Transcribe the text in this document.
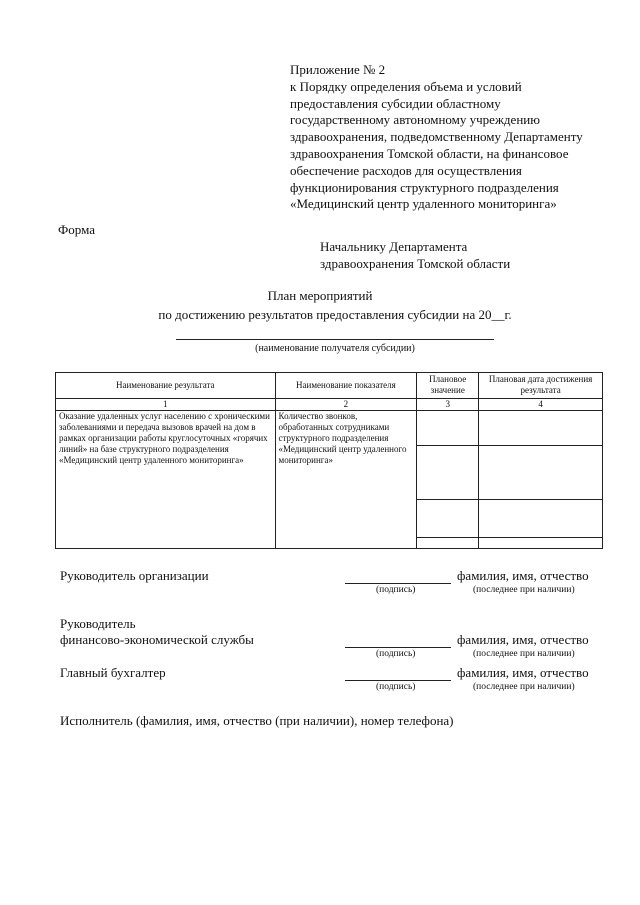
Приложение № 2
к Порядку определения объема и условий
предоставления субсидии областному
государственному автономному учреждению
здравоохранения, подведомственному Департаменту
здравоохранения Томской области, на финансовое
обеспечение расходов для осуществления
функционирования структурного подразделения
«Медицинский центр удаленного мониторинга»
Форма
Начальнику Департамента
здравоохранения Томской области
План мероприятий
по достижению результатов предоставления субсидии на 20__г.
(наименование получателя субсидии)
Наименование результата	Наименование показателя	Плановое значение	Плановая дата достижения результата
1	2	3	4
Оказание удаленных услуг населению с хроническими заболеваниями и передача вызовов врачей на дом в рамках организации работы круглосуточных «горячих линий» на базе структурного подразделения «Медицинский центр удаленного мониторинга»	Количество звонков, обработанных сотрудниками структурного подразделения «Медицинский центр удаленного мониторинга»		

Руководитель организации	фамилия, имя, отчество
(подпись)	(последнее при наличии)
Руководитель
финансово-экономической службы	фамилия, имя, отчество
(подпись)	(последнее при наличии)
Главный бухгалтер	фамилия, имя, отчество
(подпись)	(последнее при наличии)
Исполнитель (фамилия, имя, отчество (при наличии), номер телефона)
